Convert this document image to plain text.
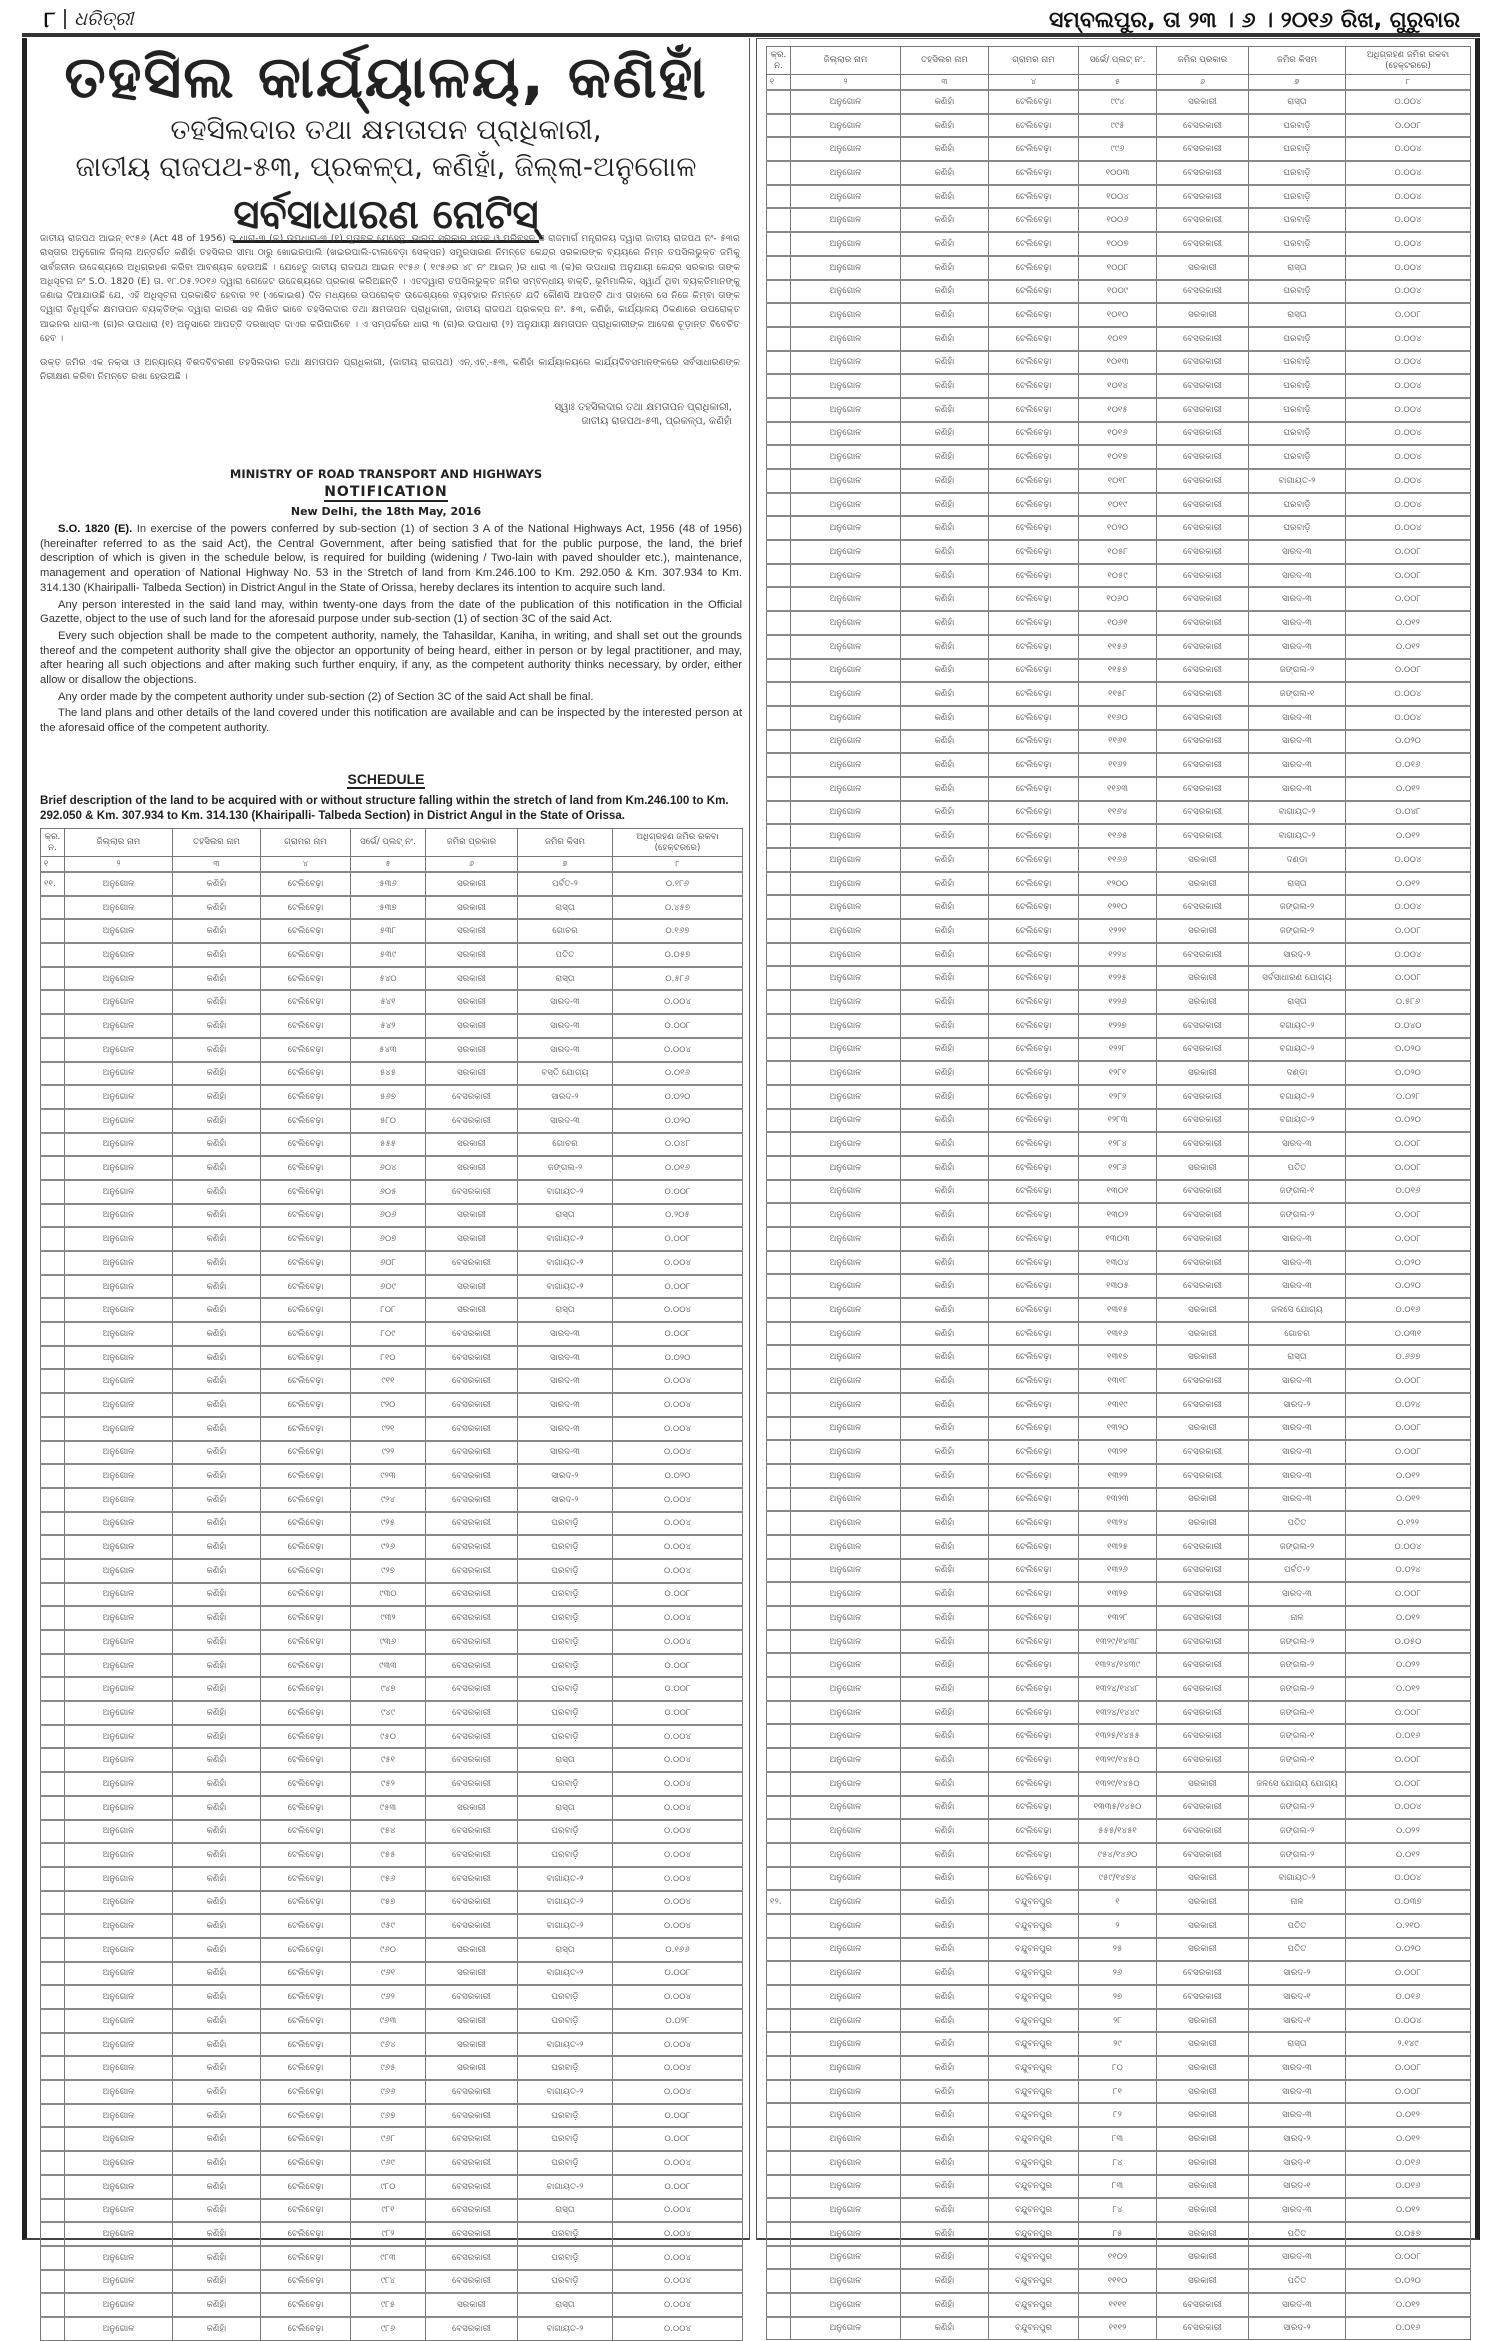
୮ ଧରିତ୍ରୀ	ସମ୍ବଲପୁର, ତା ୨୩ । ୬ । ୨୦୧୬ ରିଖ, ଗୁରୁବାର
ତହସିଲ କାର୍ଯ୍ୟାଳୟ, କଣିହାଁ
ତହସିଲଦାର ତଥା କ୍ଷମତାପନ ପ୍ରାଧିକାରୀ,
ଜାତୀୟ ରାଜପଥ-୫୩, ପ୍ରକଳ୍ପ, କଣିହାଁ, ଜିଲ୍ଲା-ଅନୁଗୋଳ
ସର୍ବସାଧାରଣ ନୋଟିସ୍
ଜାତୀୟ ରାଜପଥ ଆଇନ୍ ୧୯୫୬ (Act 48 of 1956) ର ଧାରା-୩ (କ) ଉପଧାରା-୩ (୧) ମୁତାବକ ଯେହେତୁ, ଭାରତ ସରକାର ସଡ଼କ ଓ ପରିବହନ ଓ ରାଜମାର୍ଗ ମନ୍ତ୍ରାଳୟ ଦ୍ୱାରା ଜାତୀୟ ରାଜପଥ ନଂ- ୫୩ର ରାସ୍ତାର ଅନୁଗୋଳ ଜିଲ୍ଲା ଅନ୍ତର୍ଗତ କଣିହାଁ ତହସିଲର ସୀମା ଠାରୁ ଖୋଇରପାଲି (ଖଇରପାଲି-ଟାଲବେଡ଼ା ସେକ୍ସନ) ସମ୍ପ୍ରସାରଣ ନିମନ୍ତେ କେନ୍ଦ୍ର ସରକାରଙ୍କ ବ୍ୟୟରେ ନିମ୍ନ ତପସିଲଭୁକ୍ତ ଜମିକୁ ସାର୍ବଜନୀନ ଉଦ୍ଦେଶ୍ୟରେ ଅଧିଗ୍ରହଣ କରିବା ଆବଶ୍ୟକ ହେଉଅଛି । ଯେହେତୁ ଜାତୀୟ ରାଜପଥ ଆଇନ ୧୯୫୬ ( ୧୯୫୬ର ୪୮ ନଂ ଆଇନ୍ )ର ଧାରା ୩ (କ)ର ଉପଧାରା ଅନୁଯାୟୀ କେନ୍ଦ୍ର ସରକାର ତାଙ୍କ ଅଧିସୂଚନା ନଂ S.O. 1820 (E) ତା. ୧୮.୦୫.୨୦୧୬ ଦ୍ୱାରା ଗେଜେଟ ଉଦ୍ଦେଶ୍ୟରେ ପ୍ରକାଶ କରିଅଛନ୍ତି । ଏତଦ୍ୱାରା ତପସିଲଭୁକ୍ତ ଜମିର ସମ୍ବନ୍ଧୀୟ ବାକ୍ତି, ଭୂମିମାଲିକ, ସ୍ୱାର୍ଥ ଥିବା ବ୍ୟକ୍ତିମାନଙ୍କୁ ଜଣାଇ ଦିଆଯାଉଛି ଯେ, ଏହି ଅଧିସୂଚନା ପ୍ରକାଶିତ ହେବାର ୨୧ (ଏକୋଇଶ) ଦିନ ମଧ୍ୟରେ ଉପରୋକ୍ତ ଉଦ୍ଦେଶ୍ୟରେ ବ୍ୟବହାର ନିମନ୍ତେ ଯଦି କୌଣସି ଆପତ୍ତି ଥାଏ ତାହାଲେ ସେ ନିଜେ କିମ୍ବା ତାଙ୍କ ଦ୍ୱାରା ବିଧିପୂର୍ବକ କ୍ଷମତାପନ ବ୍ୟକ୍ତିଙ୍କ ଦ୍ୱାରା କାରଣ ସହ ଲିଖିତ ଭାବେ ତହସିଲଦାର ତଥା କ୍ଷମତାପନ ପ୍ରାଧିକାରୀ, ଜାତୀୟ ରାଜପଥ ପ୍ରକଳ୍ପ ନଂ. ୫୩, କଣିହାଁ, କାର୍ଯ୍ୟାଳୟ ଠିକଣାରେ ଉପରୋକ୍ତ ଆଇନର ଧାରା-୩ (ଗ)ର ଉପଧାରା (୧) ଅନୁସାରେ ଆପତ୍ତି ଦରଖାସ୍ତ ଦାଏର କରିପାରିବେ । ଏ ସମ୍ପର୍କରେ ଧାରା ୩ (ଗ)ର ଉପଧାରା (୨) ଅନୁଯାୟୀ କ୍ଷମତାପନ ପ୍ରାଧିକାରୀଙ୍କ ଆଦେଶ ଚୂଡ଼ାନ୍ତ ବିବେଚିତ ହେବ ।
ଉକ୍ତ ଜମିର ଏକ ନକ୍ସା ଓ ଅନ୍ୟାନ୍ୟ ବିଶଦବିବରଣୀ ତହସିଲଦାର ତଥା କ୍ଷମତାପନ ପ୍ରାଧିକାରୀ, (ଜାତୀୟ ରାଜପଥ) ଏନ୍.ଏଚ୍.-୫୩, କଣିହାଁ କାର୍ଯ୍ୟାଳୟରେ କାର୍ଯ୍ୟଦିବସମାନଙ୍କରେ ସର୍ବସାଧାରଣଙ୍କ ନିରୀକ୍ଷଣ କରିବା ନିମନ୍ତେ ରଖା ହେଉଅଛି ।
ସ୍ୱାଃ ତହସିଲଦାର ତଥା କ୍ଷମତାପନ ପ୍ରାଧିକାରୀ,
ଜାତୀୟ ରାଜପଥ-୫୩, ପ୍ରକଳ୍ପ, କଣିହାଁ
MINISTRY OF ROAD TRANSPORT AND HIGHWAYS
NOTIFICATION
New Delhi, the 18th May, 2016

S.O. 1820 (E). In exercise of the powers conferred by sub-section (1) of section 3 A of the National Highways Act, 1956 (48 of 1956) (hereinafter referred to as the said Act), the Central Government, after being satisfied that for the public purpose, the land, the brief description of which is given in the schedule below, is required for building (widening / Two-lain with paved shoulder etc.), maintenance, management and operation of National Highway No. 53 in the Stretch of land from Km.246.100 to Km. 292.050 & Km. 307.934 to Km. 314.130 (Khairipalli- Talbeda Section) in District Angul in the State of Orissa, hereby declares its intention to acquire such land.

Any person interested in the said land may, within twenty-one days from the date of the publication of this notification in the Official Gazette, object to the use of such land for the aforesaid purpose under sub-section (1) of section 3C of the said Act.

Every such objection shall be made to the competent authority, namely, the Tahasildar, Kaniha, in writing, and shall set out the grounds thereof and the competent authority shall give the objector an opportunity of being heard, either in person or by legal practitioner, and may, after hearing all such objections and after making such further enquiry, if any, as the competent authority thinks necessary, by order, either allow or disallow the objections.

Any order made by the competent authority under sub-section (2) of Section 3C of the said Act shall be final.

The land plans and other details of the land covered under this notification are available and can be inspected by the interested person at the aforesaid office of the competent authority.

SCHEDULE
Brief description of the land to be acquired with or without structure falling within the stretch of land from Km.246.100 to Km. 292.050 & Km. 307.934 to Km. 314.130 (Khairipalli- Talbeda Section) in District Angul in the State of Orissa.
କ୍ର. ନ.	ଜିଲ୍ଲାର ନାମ	ତହସିଲର ନାମ	ଗ୍ରାମର ନାମ	ସର୍ଭେ/ ପ୍ଲଟ୍ ନଂ.	ଜମିର ପ୍ରକାର	ଜମିର କିସମ	ଅଧିଗ୍ରହଣ ଜମିର ରକବା (ହେକ୍ଟରରେ)
୧	୨	୩	୪	୫	୬	୭	୮
୧୧.	ଅନୁଗୋଳ	କଣିହାଁ	ଟେଲିବେଢ଼ା	୫୩୬	ସରକାରୀ	ପର୍ବତ-୨	୦.୧୮୬
	ଅନୁଗୋଳ	କଣିହାଁ	ଟେଲିବେଢ଼ା	୫୩୭	ସରକାରୀ	ରାସ୍ତା	୦.୪୫୭
	ଅନୁଗୋଳ	କଣିହାଁ	ଟେଲିବେଢ଼ା	୫୩୮	ସରକାରୀ	ଗୋଚର	୦.୧୬୭
	ଅନୁଗୋଳ	କଣିହାଁ	ଟେଲିବେଢ଼ା	୫୩୯	ସରକାରୀ	ପତିତ	୦.୦୫୭
	ଅନୁଗୋଳ	କଣିହାଁ	ଟେଲିବେଢ଼ା	୫୪୦	ସରକାରୀ	ରାସ୍ତା	୦.୫୮୬
	ଅନୁଗୋଳ	କଣିହାଁ	ଟେଲିବେଢ଼ା	୫୪୧	ସରକାରୀ	ସାରଦ-୩	୦.୦୦୪
	ଅନୁଗୋଳ	କଣିହାଁ	ଟେଲିବେଢ଼ା	୫୪୨	ସରକାରୀ	ସାରଦ-୩	୦.୦୦୮
	ଅନୁଗୋଳ	କଣିହାଁ	ଟେଲିବେଢ଼ା	୫୪୩	ସରକାରୀ	ସାରଦ-୩	୦.୦୦୪
	ଅନୁଗୋଳ	କଣିହାଁ	ଟେଲିବେଢ଼ା	୫୪୫	ସରକାରୀ	ବସ୍ତି ଯୋଗ୍ୟ	୦.୦୧୬
	ଅନୁଗୋଳ	କଣିହାଁ	ଟେଲିବେଢ଼ା	୫୬୭	ବେସରକାରୀ	ସାରଦ-୨	୦.୦୨୦
	ଅନୁଗୋଳ	କଣିହାଁ	ଟେଲିବେଢ଼ା	୫୮୦	ବେସରକାରୀ	ସାରଦ-୩	୦.୦୨୦
	ଅନୁଗୋଳ	କଣିହାଁ	ଟେଲିବେଢ଼ା	୫୫୫	ସରକାରୀ	ଗୋଚର	୦.୦୪୮
	ଅନୁଗୋଳ	କଣିହାଁ	ଟେଲିବେଢ଼ା	୬୦୪	ସରକାରୀ	ଜଙ୍ଗଲ-୨	୦.୦୧୬
	ଅନୁଗୋଳ	କଣିହାଁ	ଟେଲିବେଢ଼ା	୬୦୫	ବେସରକାରୀ	ବାଗାୟତ-୨	୦.୦୦୮
	ଅନୁଗୋଳ	କଣିହାଁ	ଟେଲିବେଢ଼ା	୬୦୬	ସରକାରୀ	ରାସ୍ତା	୦.୨୦୫
	ଅନୁଗୋଳ	କଣିହାଁ	ଟେଲିବେଢ଼ା	୬୦୭	ସରକାରୀ	ବାଗାୟତ-୨	୦.୦୦୮
	ଅନୁଗୋଳ	କଣିହାଁ	ଟେଲିବେଢ଼ା	୬୦୮	ବେସରକାରୀ	ବାଗାୟତ-୨	୦.୦୦୪
	ଅନୁଗୋଳ	କଣିହାଁ	ଟେଲିବେଢ଼ା	୬୦୯	ସରକାରୀ	ବାଗାୟତ-୨	୦.୦୦୮
	ଅନୁଗୋଳ	କଣିହାଁ	ଟେଲିବେଢ଼ା	୮୦୮	ସରକାରୀ	ରାସ୍ତା	୦.୦୦୪
	ଅନୁଗୋଳ	କଣିହାଁ	ଟେଲିବେଢ଼ା	୮୦୯	ବେସରକାରୀ	ସାରଦ-୩	୦.୦୦୮
	ଅନୁଗୋଳ	କଣିହାଁ	ଟେଲିବେଢ଼ା	୮୧୦	ବେସରକାରୀ	ସାରଦ-୩	୦.୦୨୦
	ଅନୁଗୋଳ	କଣିହାଁ	ଟେଲିବେଢ଼ା	୯୧୧	ବେସରକାରୀ	ସାରଦ-୩	୦.୦୦୪
	ଅନୁଗୋଳ	କଣିହାଁ	ଟେଲିବେଢ଼ା	୯୨୦	ବେସରକାରୀ	ସାରଦ-୩	୦.୦୦୪
	ଅନୁଗୋଳ	କଣିହାଁ	ଟେଲିବେଢ଼ା	୯୨୧	ବେସରକାରୀ	ସାରଦ-୩	୦.୦୦୪
	ଅନୁଗୋଳ	କଣିହାଁ	ଟେଲିବେଢ଼ା	୯୨୨	ବେସରକାରୀ	ସାରଦ-୩	୦.୦୦୪
	ଅନୁଗୋଳ	କଣିହାଁ	ଟେଲିବେଢ଼ା	୯୨୩	ବେସରକାରୀ	ସାରଦ-୨	୦.୦୨୦
	ଅନୁଗୋଳ	କଣିହାଁ	ଟେଲିବେଢ଼ା	୯୨୪	ବେସରକାରୀ	ସାରଦ-୨	୦.୦୦୪
	ଅନୁଗୋଳ	କଣିହାଁ	ଟେଲିବେଢ଼ା	୯୨୫	ବେସରକାରୀ	ଘରବାଡ଼ି	୦.୦୦୪
	ଅନୁଗୋଳ	କଣିହାଁ	ଟେଲିବେଢ଼ା	୯୨୬	ବେସରକାରୀ	ଘରବାଡ଼ି	୦.୦୦୪
	ଅନୁଗୋଳ	କଣିହାଁ	ଟେଲିବେଢ଼ା	୯୨୭	ବେସରକାରୀ	ଘରବାଡ଼ି	୦.୦୦୪
	ଅନୁଗୋଳ	କଣିହାଁ	ଟେଲିବେଢ଼ା	୯୩୦	ବେସରକାରୀ	ଘରବାଡ଼ି	୦.୦୦୮
	ଅନୁଗୋଳ	କଣିହାଁ	ଟେଲିବେଢ଼ା	୯୩୨	ବେସରକାରୀ	ଘରବାଡ଼ି	୦.୦୦୪
	ଅନୁଗୋଳ	କଣିହାଁ	ଟେଲିବେଢ଼ା	୯୩୬	ବେସରକାରୀ	ଘରବାଡ଼ି	୦.୦୦୪
	ଅନୁଗୋଳ	କଣିହାଁ	ଟେଲିବେଢ଼ା	୯୩୩	ବେସରକାରୀ	ଘରବାଡ଼ି	୦.୦୦୮
	ଅନୁଗୋଳ	କଣିହାଁ	ଟେଲିବେଢ଼ା	୯୪୭	ବେସରକାରୀ	ଘରବାଡ଼ି	୦.୦୦୮
	ଅନୁଗୋଳ	କଣିହାଁ	ଟେଲିବେଢ଼ା	୯୪୯	ବେସରକାରୀ	ଘରବାଡ଼ି	୦.୦୦୮
	ଅନୁଗୋଳ	କଣିହାଁ	ଟେଲିବେଢ଼ା	୯୫୦	ବେସରକାରୀ	ଘରବାଡ଼ି	୦.୦୦୪
	ଅନୁଗୋଳ	କଣିହାଁ	ଟେଲିବେଢ଼ା	୯୫୧	ବେସରକାରୀ	ରାସ୍ତା	୦.୦୦୪
	ଅନୁଗୋଳ	କଣିହାଁ	ଟେଲିବେଢ଼ା	୯୫୨	ବେସରକାରୀ	ଘରବାଡ଼ି	୦.୦୦୪
	ଅନୁଗୋଳ	କଣିହାଁ	ଟେଲିବେଢ଼ା	୯୫୩	ସରକାରୀ	ରାସ୍ତା	୦.୦୦୪
	ଅନୁଗୋଳ	କଣିହାଁ	ଟେଲିବେଢ଼ା	୯୫୪	ବେସରକାରୀ	ଘରବାଡ଼ି	୦.୦୦୪
	ଅନୁଗୋଳ	କଣିହାଁ	ଟେଲିବେଢ଼ା	୯୫୫	ବେସରକାରୀ	ଘରବାଡ଼ି	୦.୦୦୪
	ଅନୁଗୋଳ	କଣିହାଁ	ଟେଲିବେଢ଼ା	୯୫୬	ବେସରକାରୀ	ବାଗାୟତ-୨	୦.୦୦୪
	ଅନୁଗୋଳ	କଣିହାଁ	ଟେଲିବେଢ଼ା	୯୫୭	ବେସରକାରୀ	ବାଗାୟତ-୨	୦.୦୦୪
	ଅନୁଗୋଳ	କଣିହାଁ	ଟେଲିବେଢ଼ା	୯୫୯	ବେସରକାରୀ	ବାଗାୟତ-୨	୦.୦୦୪
	ଅନୁଗୋଳ	କଣିହାଁ	ଟେଲିବେଢ଼ା	୯୬୦	ସରକାରୀ	ରାସ୍ତା	୦.୧୬୬
	ଅନୁଗୋଳ	କଣିହାଁ	ଟେଲିବେଢ଼ା	୯୬୧	ସରକାରୀ	ବାଗାୟତ-୨	୦.୦୦୮
	ଅନୁଗୋଳ	କଣିହାଁ	ଟେଲିବେଢ଼ା	୯୬୨	ବେସରକାରୀ	ଘରବାଡ଼ି	୦.୦୦୪
	ଅନୁଗୋଳ	କଣିହାଁ	ଟେଲିବେଢ଼ା	୯୬୩	ସରକାରୀ	ଘରବାଡ଼ି	୦.୦୨୮
	ଅନୁଗୋଳ	କଣିହାଁ	ଟେଲିବେଢ଼ା	୯୬୪	ସରକାରୀ	ବାଗାୟତ-୨	୦.୦୦୪
	ଅନୁଗୋଳ	କଣିହାଁ	ଟେଲିବେଢ଼ା	୯୬୫	ସରକାରୀ	ଘରବାଡ଼ି	୦.୦୦୪
	ଅନୁଗୋଳ	କଣିହାଁ	ଟେଲିବେଢ଼ା	୯୬୬	ବେସରକାରୀ	ବାଗାୟତ-୨	୦.୦୦୪
	ଅନୁଗୋଳ	କଣିହାଁ	ଟେଲିବେଢ଼ା	୯୬୭	ବେସରକାରୀ	ଘରବାଡ଼ି	୦.୦୦୮
	ଅନୁଗୋଳ	କଣିହାଁ	ଟେଲିବେଢ଼ା	୯୬୮	ବେସରକାରୀ	ଘରବାଡ଼ି	୦.୦୦୮
	ଅନୁଗୋଳ	କଣିହାଁ	ଟେଲିବେଢ଼ା	୯୬୯	ବେସରକାରୀ	ଘରବାଡ଼ି	୦.୦୦୪
	ଅନୁଗୋଳ	କଣିହାଁ	ଟେଲିବେଢ଼ା	୯୮୦	ବେସରକାରୀ	ବାଗାୟତ-୨	୦.୦୦୮
	ଅନୁଗୋଳ	କଣିହାଁ	ଟେଲିବେଢ଼ା	୯୮୧	ବେସରକାରୀ	ରାସ୍ତା	୦.୦୦୪
	ଅନୁଗୋଳ	କଣିହାଁ	ଟେଲିବେଢ଼ା	୯୮୨	ବେସରକାରୀ	ଘରବାଡ଼ି	୦.୦୦୪
	ଅନୁଗୋଳ	କଣିହାଁ	ଟେଲିବେଢ଼ା	୯୮୩	ବେସରକାରୀ	ଘରବାଡ଼ି	୦.୦୦୪
	ଅନୁଗୋଳ	କଣିହାଁ	ଟେଲିବେଢ଼ା	୯୮୪	ବେସରକାରୀ	ଘରବାଡ଼ି	୦.୦୦୪
	ଅନୁଗୋଳ	କଣିହାଁ	ଟେଲିବେଢ଼ା	୯୮୫	ସରକାରୀ	ରାସ୍ତା	୦.୦୦୪
	ଅନୁଗୋଳ	କଣିହାଁ	ଟେଲିବେଢ଼ା	୯୮୬	ବେସରକାରୀ	ବାଗାୟତ-୨	୦.୦୦୪
କ୍ର. ନ.	ଜିଲ୍ଲାର ନାମ	ତହସିଲର ନାମ	ଗ୍ରାମର ନାମ	ସର୍ଭେ/ ପ୍ଲଟ୍ ନଂ.	ଜମିର ପ୍ରକାର	ଜମିର କିସମ	ଅଧିଗ୍ରହଣ ଜମିର ରକବା (ହେକ୍ଟରରେ)
୧	୨	୩	୪	୫	୬	୭	୮
	ଅନୁଗୋଳ	କଣିହାଁ	ଟେଲିବେଢ଼ା	୯୯୪	ସରକାରୀ	ରାସ୍ତା	୦.୦୦୪
	ଅନୁଗୋଳ	କଣିହାଁ	ଟେଲିବେଢ଼ା	୯୯୫	ବେସରକାରୀ	ଘରବାଡ଼ି	୦.୦୦୮
	ଅନୁଗୋଳ	କଣିହାଁ	ଟେଲିବେଢ଼ା	୯୯୬	ବେସରକାରୀ	ଘରବାଡ଼ି	୦.୦୦୪
	ଅନୁଗୋଳ	କଣିହାଁ	ଟେଲିବେଢ଼ା	୧୦୦୩	ବେସରକାରୀ	ଘରବାଡ଼ି	୦.୦୦୪
	ଅନୁଗୋଳ	କଣିହାଁ	ଟେଲିବେଢ଼ା	୧୦୦୪	ବେସରକାରୀ	ଘରବାଡ଼ି	୦.୦୦୪
	ଅନୁଗୋଳ	କଣିହାଁ	ଟେଲିବେଢ଼ା	୧୦୦୬	ବେସରକାରୀ	ଘରବାଡ଼ି	୦.୦୦୪
	ଅନୁଗୋଳ	କଣିହାଁ	ଟେଲିବେଢ଼ା	୧୦୦୭	ବେସରକାରୀ	ଘରବାଡ଼ି	୦.୦୦୪
	ଅନୁଗୋଳ	କଣିହାଁ	ଟେଲିବେଢ଼ା	୧୦୦୮	ସରକାରୀ	ରାସ୍ତା	୦.୦୦୪
	ଅନୁଗୋଳ	କଣିହାଁ	ଟେଲିବେଢ଼ା	୧୦୦୯	ବେସରକାରୀ	ଘରବାଡ଼ି	୦.୦୦୪
	ଅନୁଗୋଳ	କଣିହାଁ	ଟେଲିବେଢ଼ା	୧୦୧୦	ସରକାରୀ	ରାସ୍ତା	୦.୦୦୮
	ଅନୁଗୋଳ	କଣିହାଁ	ଟେଲିବେଢ଼ା	୧୦୧୨	ବେସରକାରୀ	ଘରବାଡ଼ି	୦.୦୦୪
	ଅନୁଗୋଳ	କଣିହାଁ	ଟେଲିବେଢ଼ା	୧୦୧୩	ବେସରକାରୀ	ଘରବାଡ଼ି	୦.୦୦୪
	ଅନୁଗୋଳ	କଣିହାଁ	ଟେଲିବେଢ଼ା	୧୦୧୪	ବେସରକାରୀ	ଘରବାଡ଼ି	୦.୦୦୪
	ଅନୁଗୋଳ	କଣିହାଁ	ଟେଲିବେଢ଼ା	୧୦୧୫	ବେସରକାରୀ	ଘରବାଡ଼ି	୦.୦୦୪
	ଅନୁଗୋଳ	କଣିହାଁ	ଟେଲିବେଢ଼ା	୧୦୧୬	ବେସରକାରୀ	ଘରବାଡ଼ି	୦.୦୦୪
	ଅନୁଗୋଳ	କଣିହାଁ	ଟେଲିବେଢ଼ା	୧୦୧୭	ବେସରକାରୀ	ଘରବାଡ଼ି	୦.୦୦୪
	ଅନୁଗୋଳ	କଣିହାଁ	ଟେଲିବେଢ଼ା	୧୦୧୮	ବେସରକାରୀ	ବାଗାୟତ-୨	୦.୦୦୪
	ଅନୁଗୋଳ	କଣିହାଁ	ଟେଲିବେଢ଼ା	୧୦୧୯	ବେସରକାରୀ	ଘରବାଡ଼ି	୦.୦୦୪
	ଅନୁଗୋଳ	କଣିହାଁ	ଟେଲିବେଢ଼ା	୧୦୨୦	ବେସରକାରୀ	ଘରବାଡ଼ି	୦.୦୦୪
	ଅନୁଗୋଳ	କଣିହାଁ	ଟେଲିବେଢ଼ା	୧୦୫୮	ବେସରକାରୀ	ସାରଦ-୩	୦.୦୦୮
	ଅନୁଗୋଳ	କଣିହାଁ	ଟେଲିବେଢ଼ା	୧୦୫୯	ବେସରକାରୀ	ସାରଦ-୩	୦.୦୦୮
	ଅନୁଗୋଳ	କଣିହାଁ	ଟେଲିବେଢ଼ା	୧୦୬୦	ବେସରକାରୀ	ସାରଦ-୩	୦.୦୦୮
	ଅନୁଗୋଳ	କଣିହାଁ	ଟେଲିବେଢ଼ା	୧୦୬୧	ବେସରକାରୀ	ସାରଦ-୩	୦.୦୧୨
	ଅନୁଗୋଳ	କଣିହାଁ	ଟେଲିବେଢ଼ା	୧୧୫୬	ବେସରକାରୀ	ସାରଦ-୩	୦.୦୧୨
	ଅନୁଗୋଳ	କଣିହାଁ	ଟେଲିବେଢ଼ା	୧୧୫୭	ବେସରକାରୀ	ଜଙ୍ଗଲ-୨	୦.୦୦୮
	ଅନୁଗୋଳ	କଣିହାଁ	ଟେଲିବେଢ଼ା	୧୧୫୮	ବେସରକାରୀ	ଜଙ୍ଗଲ-୧	୦.୦୦୪
	ଅନୁଗୋଳ	କଣିହାଁ	ଟେଲିବେଢ଼ା	୧୧୬୦	ବେସରକାରୀ	ସାରଦ-୩	୦.୦୦୪
	ଅନୁଗୋଳ	କଣିହାଁ	ଟେଲିବେଢ଼ା	୧୧୬୧	ବେସରକାରୀ	ସାରଦ-୩	୦.୦୨୦
	ଅନୁଗୋଳ	କଣିହାଁ	ଟେଲିବେଢ଼ା	୧୧୬୨	ବେସରକାରୀ	ସାରଦ-୩	୦.୦୧୬
	ଅନୁଗୋଳ	କଣିହାଁ	ଟେଲିବେଢ଼ା	୧୧୬୩	ବେସରକାରୀ	ସାରଦ-୩	୦.୦୧୨
	ଅନୁଗୋଳ	କଣିହାଁ	ଟେଲିବେଢ଼ା	୧୧୬୪	ବେସରକାରୀ	ବାଗାୟତ-୨	୦.୦୪୮
	ଅନୁଗୋଳ	କଣିହାଁ	ଟେଲିବେଢ଼ା	୧୧୬୫	ବେସରକାରୀ	ବାଗାୟତ-୨	୦.୦୧୨
	ଅନୁଗୋଳ	କଣିହାଁ	ଟେଲିବେଢ଼ା	୧୧୬୬	ସରକାରୀ	ଦଣ୍ଡା	୦.୦୦୪
	ଅନୁଗୋଳ	କଣିହାଁ	ଟେଲିବେଢ଼ା	୧୨୦୦	ସରକାରୀ	ରାସ୍ତା	୦.୦୧୨
	ଅନୁଗୋଳ	କଣିହାଁ	ଟେଲିବେଢ଼ା	୧୨୧୦	ବେସରକାରୀ	ଜଙ୍ଗଲ-୨	୦.୦୦୪
	ଅନୁଗୋଳ	କଣିହାଁ	ଟେଲିବେଢ଼ା	୧୨୨୧	ସରକାରୀ	ଜଙ୍ଗଲ-୨	୦.୦୦୮
	ଅନୁଗୋଳ	କଣିହାଁ	ଟେଲିବେଢ଼ା	୧୨୨୪	ବେସରକାରୀ	ସାରଦ-୨	୦.୦୦୪
	ଅନୁଗୋଳ	କଣିହାଁ	ଟେଲିବେଢ଼ା	୧୨୨୫	ସରକାରୀ	ସର୍ବସାଧାରଣ ଯୋଗ୍ୟ	୦.୦୦୮
	ଅନୁଗୋଳ	କଣିହାଁ	ଟେଲିବେଢ଼ା	୧୨୨୬	ସରକାରୀ	ରାସ୍ତା	୦.୫୮୬
	ଅନୁଗୋଳ	କଣିହାଁ	ଟେଲିବେଢ଼ା	୧୨୨୭	ବେସରକାରୀ	ବଗାୟତ-୨	୦.୦୪୦
	ଅନୁଗୋଳ	କଣିହାଁ	ଟେଲିବେଢ଼ା	୧୨୨୮	ବେସରକାରୀ	ବଗାୟତ-୨	୦.୦୨୦
	ଅନୁଗୋଳ	କଣିହାଁ	ଟେଲିବେଢ଼ା	୧୨୮୧	ସରକାରୀ	ଦଣ୍ଡା	୦.୦୨୦
	ଅନୁଗୋଳ	କଣିହାଁ	ଟେଲିବେଢ଼ା	୧୨୮୨	ବେସରକାରୀ	ବଗାୟତ-୨	୦.୦୨୮
	ଅନୁଗୋଳ	କଣିହାଁ	ଟେଲିବେଢ଼ା	୧୨୮୩	ବେସରକାରୀ	ବଗାୟତ-୨	୦.୦୨୦
	ଅନୁଗୋଳ	କଣିହାଁ	ଟେଲିବେଢ଼ା	୧୨୮୪	ବେସରକାରୀ	ସାରଦ-୩	୦.୦୦୮
	ଅନୁଗୋଳ	କଣିହାଁ	ଟେଲିବେଢ଼ା	୧୨୮୬	ସରକାରୀ	ପତିତ	୦.୦୦୮
	ଅନୁଗୋଳ	କଣିହାଁ	ଟେଲିବେଢ଼ା	୧୩୦୧	ବେସରକାରୀ	ଜଙ୍ଗଲ-୧	୦.୦୧୬
	ଅନୁଗୋଳ	କଣିହାଁ	ଟେଲିବେଢ଼ା	୧୩୦୨	ବେସରକାରୀ	ଜଙ୍ଗଲ-୨	୦.୦୦୮
	ଅନୁଗୋଳ	କଣିହାଁ	ଟେଲିବେଢ଼ା	୧୩୦୩	ବେସରକାରୀ	ସାରଦ-୩	୦.୦୦୮
	ଅନୁଗୋଳ	କଣିହାଁ	ଟେଲିବେଢ଼ା	୧୩୦୪	ବେସରକାରୀ	ସାରଦ-୩	୦.୦୨୦
	ଅନୁଗୋଳ	କଣିହାଁ	ଟେଲିବେଢ଼ା	୧୩୦୫	ବେସରକାରୀ	ସାରଦ-୩	୦.୦୨୦
	ଅନୁଗୋଳ	କଣିହାଁ	ଟେଲିବେଢ଼ା	୧୩୧୫	ସରକାରୀ	ଜଳସେ ଯୋଗ୍ୟ	୦.୦୧୬
	ଅନୁଗୋଳ	କଣିହାଁ	ଟେଲିବେଢ଼ା	୧୩୧୬	ସରକାରୀ	ଗୋଚର	୦.୦୩୧
	ଅନୁଗୋଳ	କଣିହାଁ	ଟେଲିବେଢ଼ା	୧୩୧୭	ସରକାରୀ	ରାସ୍ତା	୦.୬୬୭
	ଅନୁଗୋଳ	କଣିହାଁ	ଟେଲିବେଢ଼ା	୧୩୧୮	ବେସରକାରୀ	ସାରଦ-୩	୦.୦୦୮
	ଅନୁଗୋଳ	କଣିହାଁ	ଟେଲିବେଢ଼ା	୧୩୧୯	ବେସରକାରୀ	ସାରଦ-୨	୦.୦୨୪
	ଅନୁଗୋଳ	କଣିହାଁ	ଟେଲିବେଢ଼ା	୧୩୨୦	ସରକାରୀ	ସାରଦ-୩	୦.୦୦୮
	ଅନୁଗୋଳ	କଣିହାଁ	ଟେଲିବେଢ଼ା	୧୩୨୧	ବେସରକାରୀ	ସାରଦ-୩	୦.୦୦୮
	ଅନୁଗୋଳ	କଣିହାଁ	ଟେଲିବେଢ଼ା	୧୩୨୨	ବେସରକାରୀ	ସାରଦ-୩	୦.୦୧୨
	ଅନୁଗୋଳ	କଣିହାଁ	ଟେଲିବେଢ଼ା	୧୩୨୩	ସରକାରୀ	ସାରଦ-୩	୦.୦୧୨
	ଅନୁଗୋଳ	କଣିହାଁ	ଟେଲିବେଢ଼ା	୧୩୨୪	ସରକାରୀ	ପତିତ	୦.୧୨୨
	ଅନୁଗୋଳ	କଣିହାଁ	ଟେଲିବେଢ଼ା	୧୩୨୫	ବେସରକାରୀ	ଜଙ୍ଗଲ-୨	୦.୦୦୪
	ଅନୁଗୋଳ	କଣିହାଁ	ଟେଲିବେଢ଼ା	୧୩୨୬	ବେସରକାରୀ	ପର୍ବତ-୨	୦.୦୨୪
	ଅନୁଗୋଳ	କଣିହାଁ	ଟେଲିବେଢ଼ା	୧୩୨୭	ବେସରକାରୀ	ସାରଦ-୩	୦.୦୦୮
	ଅନୁଗୋଳ	କଣିହାଁ	ଟେଲିବେଢ଼ା	୧୩୨୮	ବେସରକାରୀ	ନାଳ	୦.୦୧୨
	ଅନୁଗୋଳ	କଣିହାଁ	ଟେଲିବେଢ଼ା	୧୩୨୯/୧୪୩୮	ବେସରକାରୀ	ଜଙ୍ଗଲ-୨	୦.୦୫୦
	ଅନୁଗୋଳ	କଣିହାଁ	ଟେଲିବେଢ଼ା	୧୩୨୪/୧୪୩୯	ବେସରକାରୀ	ଜଙ୍ଗଲ-୨	୦.୦୨୨
	ଅନୁଗୋଳ	କଣିହାଁ	ଟେଲିବେଢ଼ା	୧୩୨୪/୧୪୪୮	ବେସରକାରୀ	ଜଙ୍ଗଲ-୨	୦.୦୧୨
	ଅନୁଗୋଳ	କଣିହାଁ	ଟେଲିବେଢ଼ା	୧୩୨୪/୧୪୪୯	ବେସରକାରୀ	ଜଙ୍ଗଲ-୧	୦.୦୦୮
	ଅନୁଗୋଳ	କଣିହାଁ	ଟେଲିବେଢ଼ା	୧୩୨୫/୧୪୫୫	ବେସରକାରୀ	ଜଙ୍ଗଲ-୧	୦.୦୧୬
	ଅନୁଗୋଳ	କଣିହାଁ	ଟେଲିବେଢ଼ା	୧୩୨୯/୧୪୫୦	ବେସରକାରୀ	ଜଙ୍ଗଲ-୧	୦.୦୦୮
	ଅନୁଗୋଳ	କଣିହାଁ	ଟେଲିବେଢ଼ା	୧୩୨୯/୧୪୫୦	ସରକାରୀ	ଜଳସେ ଯୋଗ୍ୟ ଯୋଗ୍ୟ	୦.୦୦୮
	ଅନୁଗୋଳ	କଣିହାଁ	ଟେଲିବେଢ଼ା	୧୩୩୫/୧୪୫୦	ବେସରକାରୀ	ଜଙ୍ଗଲ-୨	୦.୦୦୪
	ଅନୁଗୋଳ	କଣିହାଁ	ଟେଲିବେଢ଼ା	୫୫୫/୧୪୫୧	ବେସରକାରୀ	ଜଙ୍ଗଲ-୨	୦.୦୨୨
	ଅନୁଗୋଳ	କଣିହାଁ	ଟେଲିବେଢ଼ା	୯୫୪/୧୪୬୦	ବେସରକାରୀ	ଜଙ୍ଗଲ-୨	୦.୦୧୨
	ଅନୁଗୋଳ	କଣିହାଁ	ଟେଲିବେଢ଼ା	୯୫୯/୧୪୭୪	ସରକାରୀ	ବାଗାୟତ-୨	୦.୦୦୪
୧୨.	ଅନୁଗୋଳ	କଣିହାଁ	ବନ୍ଦୁବନପୁର	୧	ସରକାରୀ	ନାଳ	୦.୦୩୭
	ଅନୁଗୋଳ	କଣିହାଁ	ବନ୍ଦୁବନପୁର	୨	ସରକାରୀ	ପତିତ	୦.୨୧୦
	ଅନୁଗୋଳ	କଣିହାଁ	ବନ୍ଦୁବନପୁର	୨୫	ସରକାରୀ	ପତିତ	୦.୦୨୦
	ଅନୁଗୋଳ	କଣିହାଁ	ବନ୍ଦୁବନପୁର	୨୬	ବେସରକାରୀ	ସାରଦ-୨	୦.୦୦୮
	ଅନୁଗୋଳ	କଣିହାଁ	ବନ୍ଦୁବନପୁର	୨୭	ବେସରକାରୀ	ସାରଦ-୧	୦.୦୧୬
	ଅନୁଗୋଳ	କଣିହାଁ	ବନ୍ଦୁବନପୁର	୨୮	ସରକାରୀ	ସାରଦ-୧	୦.୦୦୪
	ଅନୁଗୋଳ	କଣିହାଁ	ବନ୍ଦୁବନପୁର	୨୯	ସରକାରୀ	ରାସ୍ତା	୨.୧୪୯
	ଅନୁଗୋଳ	କଣିହାଁ	ବନ୍ଦୁବନପୁର	୮୦	ସରକାରୀ	ସାରଦ-୩	୦.୦୦୮
	ଅନୁଗୋଳ	କଣିହାଁ	ବନ୍ଦୁବନପୁର	୮୧	ସରକାରୀ	ସାରଦ-୩	୦.୦୦୮
	ଅନୁଗୋଳ	କଣିହାଁ	ବନ୍ଦୁବନପୁର	୮୨	ସରକାରୀ	ସାରଦ-୩	୦.୦୧୨
	ଅନୁଗୋଳ	କଣିହାଁ	ବନ୍ଦୁବନପୁର	୮୩	ସରକାରୀ	ସାରଦ-୨	୦.୦୧୨
	ଅନୁଗୋଳ	କଣିହାଁ	ବନ୍ଦୁବନପୁର	୮୪	ସରକାରୀ	ସାରଦ-୧	୦.୦୧୬
	ଅନୁଗୋଳ	କଣିହାଁ	ବନ୍ଦୁବନପୁର	୮୩	ସରକାରୀ	ସାରଦ-୧	୦.୦୧୬
	ଅନୁଗୋଳ	କଣିହାଁ	ବନ୍ଦୁବନପୁର	୮୪	ସରକାରୀ	ସାରଦ-୩	୦.୦୧୨
	ଅନୁଗୋଳ	କଣିହାଁ	ବନ୍ଦୁବନପୁର	୮୫	ସରକାରୀ	ପତିତ	୦.୦୫୭
	ଅନୁଗୋଳ	କଣିହାଁ	ବନ୍ଦୁବନପୁର	୧୧୦୨	ସରକାରୀ	ସାରଦ-୩	୦.୦୦୮
	ଅନୁଗୋଳ	କଣିହାଁ	ବନ୍ଦୁବନପୁର	୧୧୧୦	ସରକାରୀ	ପତିତ	୦.୦୨୦
	ଅନୁଗୋଳ	କଣିହାଁ	ବନ୍ଦୁବନପୁର	୧୧୧୧	ବେସରକାରୀ	ସାରଦ-୩	୦.୦୧୨
	ଅନୁଗୋଳ	କଣିହାଁ	ବନ୍ଦୁବନପୁର	୧୧୧୨	ବେସରକାରୀ	ସାରଦ-୨	୦.୦୧୬
